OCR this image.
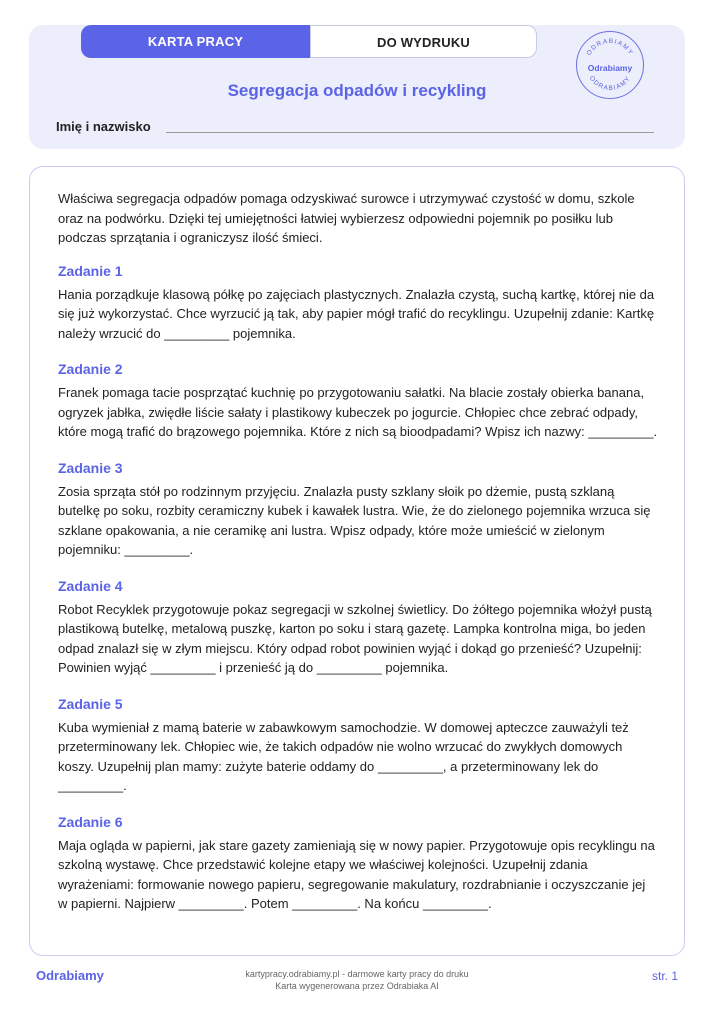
KARTA PRACY	DO WYDRUKU
ODRABIAMY
ODRABIAMY
Odrabiamy
Segregacja odpadów i recykling
Imię i nazwisko

Właściwa segregacja odpadów pomaga odzyskiwać surowce i utrzymywać czystość w domu, szkole oraz na podwórku. Dzięki tej umiejętności łatwiej wybierzesz odpowiedni pojemnik po posiłku lub podczas sprzątania i ograniczysz ilość śmieci.

Zadanie 1

Hania porządkuje klasową półkę po zajęciach plastycznych. Znalazła czystą, suchą kartkę, której nie da się już wykorzystać. Chce wyrzucić ją tak, aby papier mógł trafić do recyklingu. Uzupełnij zdanie: Kartkę należy wrzucić do _________ pojemnika.

Zadanie 2

Franek pomaga tacie posprzątać kuchnię po przygotowaniu sałatki. Na blacie zostały obierka banana, ogryzek jabłka, zwiędłe liście sałaty i plastikowy kubeczek po jogurcie. Chłopiec chce zebrać odpady, które mogą trafić do brązowego pojemnika. Które z nich są bioodpadami? Wpisz ich nazwy: _________.

Zadanie 3

Zosia sprząta stół po rodzinnym przyjęciu. Znalazła pusty szklany słoik po dżemie, pustą szklaną butelkę po soku, rozbity ceramiczny kubek i kawałek lustra. Wie, że do zielonego pojemnika wrzuca się szklane opakowania, a nie ceramikę ani lustra. Wpisz odpady, które może umieścić w zielonym pojemniku: _________.

Zadanie 4

Robot Recyklek przygotowuje pokaz segregacji w szkolnej świetlicy. Do żółtego pojemnika włożył pustą plastikową butelkę, metalową puszkę, karton po soku i starą gazetę. Lampka kontrolna miga, bo jeden odpad znalazł się w złym miejscu. Który odpad robot powinien wyjąć i dokąd go przenieść? Uzupełnij: Powinien wyjąć _________ i przenieść ją do _________ pojemnika.

Zadanie 5

Kuba wymieniał z mamą baterie w zabawkowym samochodzie. W domowej apteczce zauważyli też przeterminowany lek. Chłopiec wie, że takich odpadów nie wolno wrzucać do zwykłych domowych koszy. Uzupełnij plan mamy: zużyte baterie oddamy do _________, a przeterminowany lek do _________.

Zadanie 6

Maja ogląda w papierni, jak stare gazety zamieniają się w nowy papier. Przygotowuje opis recyklingu na szkolną wystawę. Chce przedstawić kolejne etapy we właściwej kolejności. Uzupełnij zdania wyrażeniami: formowanie nowego papieru, segregowanie makulatury, rozdrabnianie i oczyszczanie jej w papierni. Najpierw _________. Potem _________. Na końcu _________.

Odrabiamy	kartypracy.odrabiamy.pl - darmowe karty pracy do druku
Karta wygenerowana przez Odrabiaka AI
str. 1
